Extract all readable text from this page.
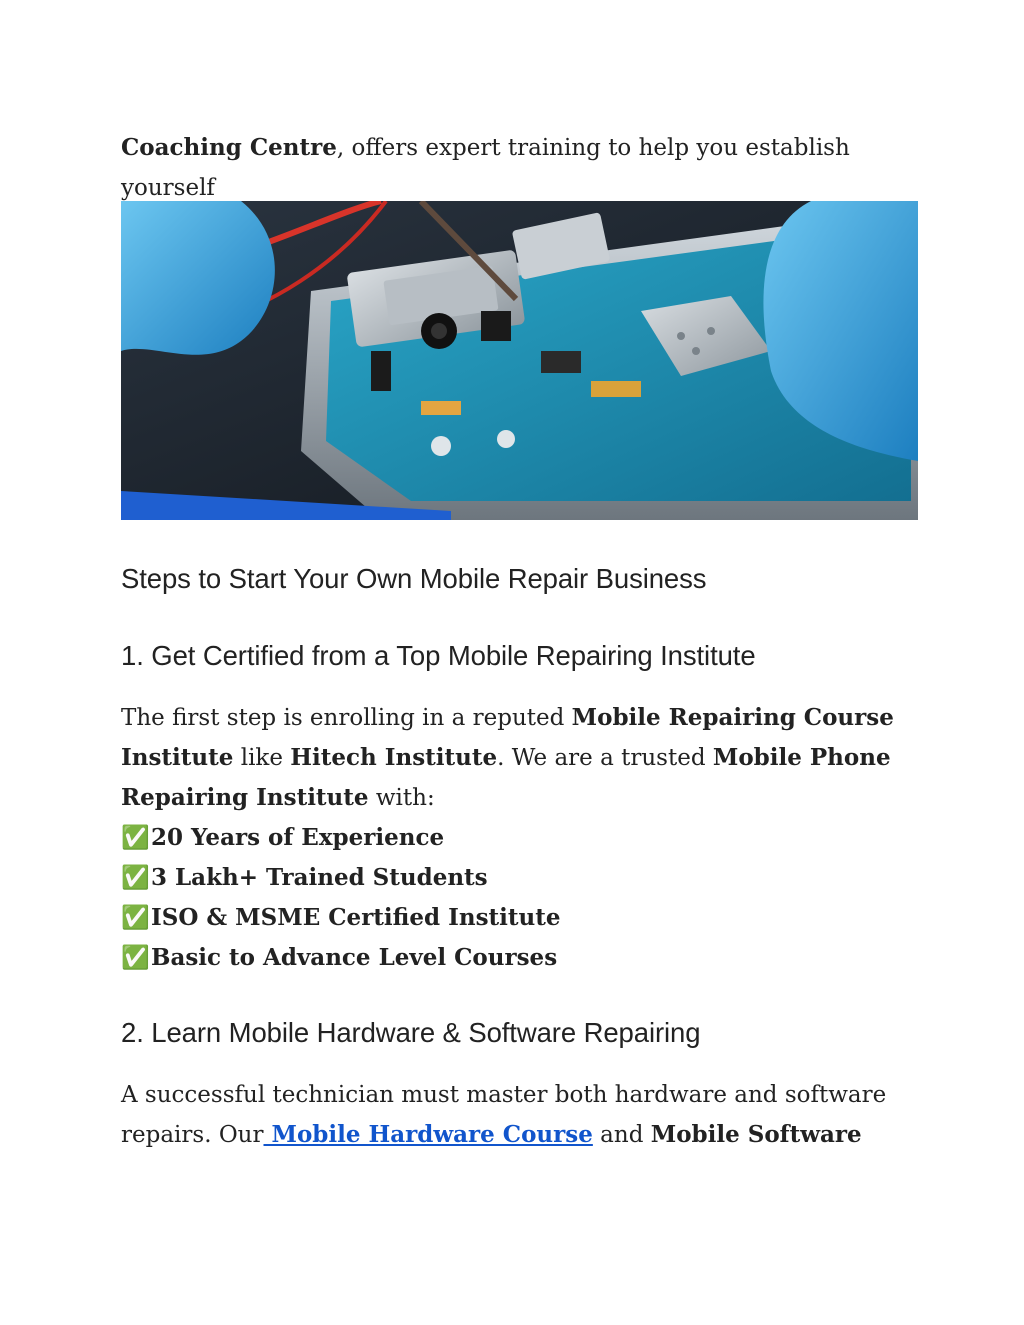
Coaching Centre, offers expert training to help you establish yourself

Steps to Start Your Own Mobile Repair Business
1. Get Certified from a Top Mobile Repairing Institute

The first step is enrolling in a reputed Mobile Repairing Course
Institute like Hitech Institute. We are a trusted Mobile Phone
Repairing Institute with:

✅20 Years of Experience

✅3 Lakh+ Trained Students

✅ISO & MSME Certified Institute

✅Basic to Advance Level Courses

2. Learn Mobile Hardware & Software Repairing

A successful technician must master both hardware and software
repairs. Our Mobile Hardware Course and Mobile Software
